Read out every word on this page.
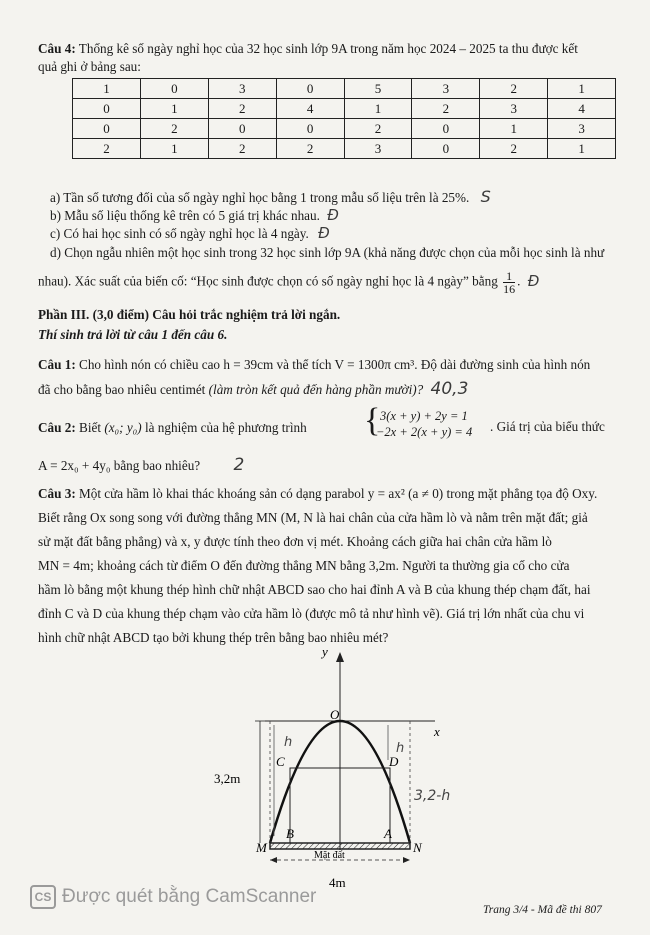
Câu 4: Thống kê số ngày nghỉ học của 32 học sinh lớp 9A trong năm học 2024 – 2025 ta thu được kết
quả ghi ở bảng sau:
1	0	3	0	5	3	2	1
0	1	2	4	1	2	3	4
0	2	0	0	2	0	1	3
2	1	2	2	3	0	2	1
a) Tần số tương đối của số ngày nghỉ học bằng 1 trong mẫu số liệu trên là 25%. S
b) Mẫu số liệu thống kê trên có 5 giá trị khác nhau. Đ
c) Có hai học sinh có số ngày nghỉ học là 4 ngày. Đ
d) Chọn ngẫu nhiên một học sinh trong 32 học sinh lớp 9A (khả năng được chọn của mỗi học sinh là như
nhau). Xác suất của biến cố: “Học sinh được chọn có số ngày nghỉ học là 4 ngày” bằng $\frac{1}{16}$ . Đ
Phần III. (3,0 điểm) Câu hỏi trắc nghiệm trả lời ngắn.
Thí sinh trả lời từ câu 1 đến câu 6.
Câu 1: Cho hình nón có chiều cao h = 39cm và thể tích V = 1300π cm³. Độ dài đường sinh của hình nón
đã cho bằng bao nhiêu centimét (làm tròn kết quả đến hàng phần mười)? 40,3
Câu 2: Biết (x₀; y₀) là nghiệm của hệ phương trình { 3(x + y) + 2y = 1
−2x + 2(x + y) = 4 . Giá trị của biểu thức
A = 2x₀ + 4y₀ bằng bao nhiêu? 2
Câu 3: Một cửa hầm lò khai thác khoáng sản có dạng parabol y = ax² (a ≠ 0) trong mặt phẳng tọa độ Oxy.
Biết rằng Ox song song với đường thẳng MN (M, N là hai chân của cửa hầm lò và nằm trên mặt đất; giả
sử mặt đất bằng phẳng) và x, y được tính theo đơn vị mét. Khoảng cách giữa hai chân cửa hầm lò
MN = 4m; khoảng cách từ điểm O đến đường thẳng MN bằng 3,2m. Người ta thường gia cố cho cửa
hầm lò bằng một khung thép hình chữ nhật ABCD sao cho hai đỉnh A và B của khung thép chạm đất, hai
đỉnh C và D của khung thép chạm vào cửa hầm lò (được mô tả như hình vẽ). Giá trị lớn nhất của chu vi
hình chữ nhật ABCD tạo bởi khung thép trên bằng bao nhiêu mét?
y
x
O
3,2m
4m
C	D
B	A
M	N
Mặt đất
h	h
3,2-h
CS Được quét bằng CamScanner
Trang 3/4 - Mã đề thi 807
